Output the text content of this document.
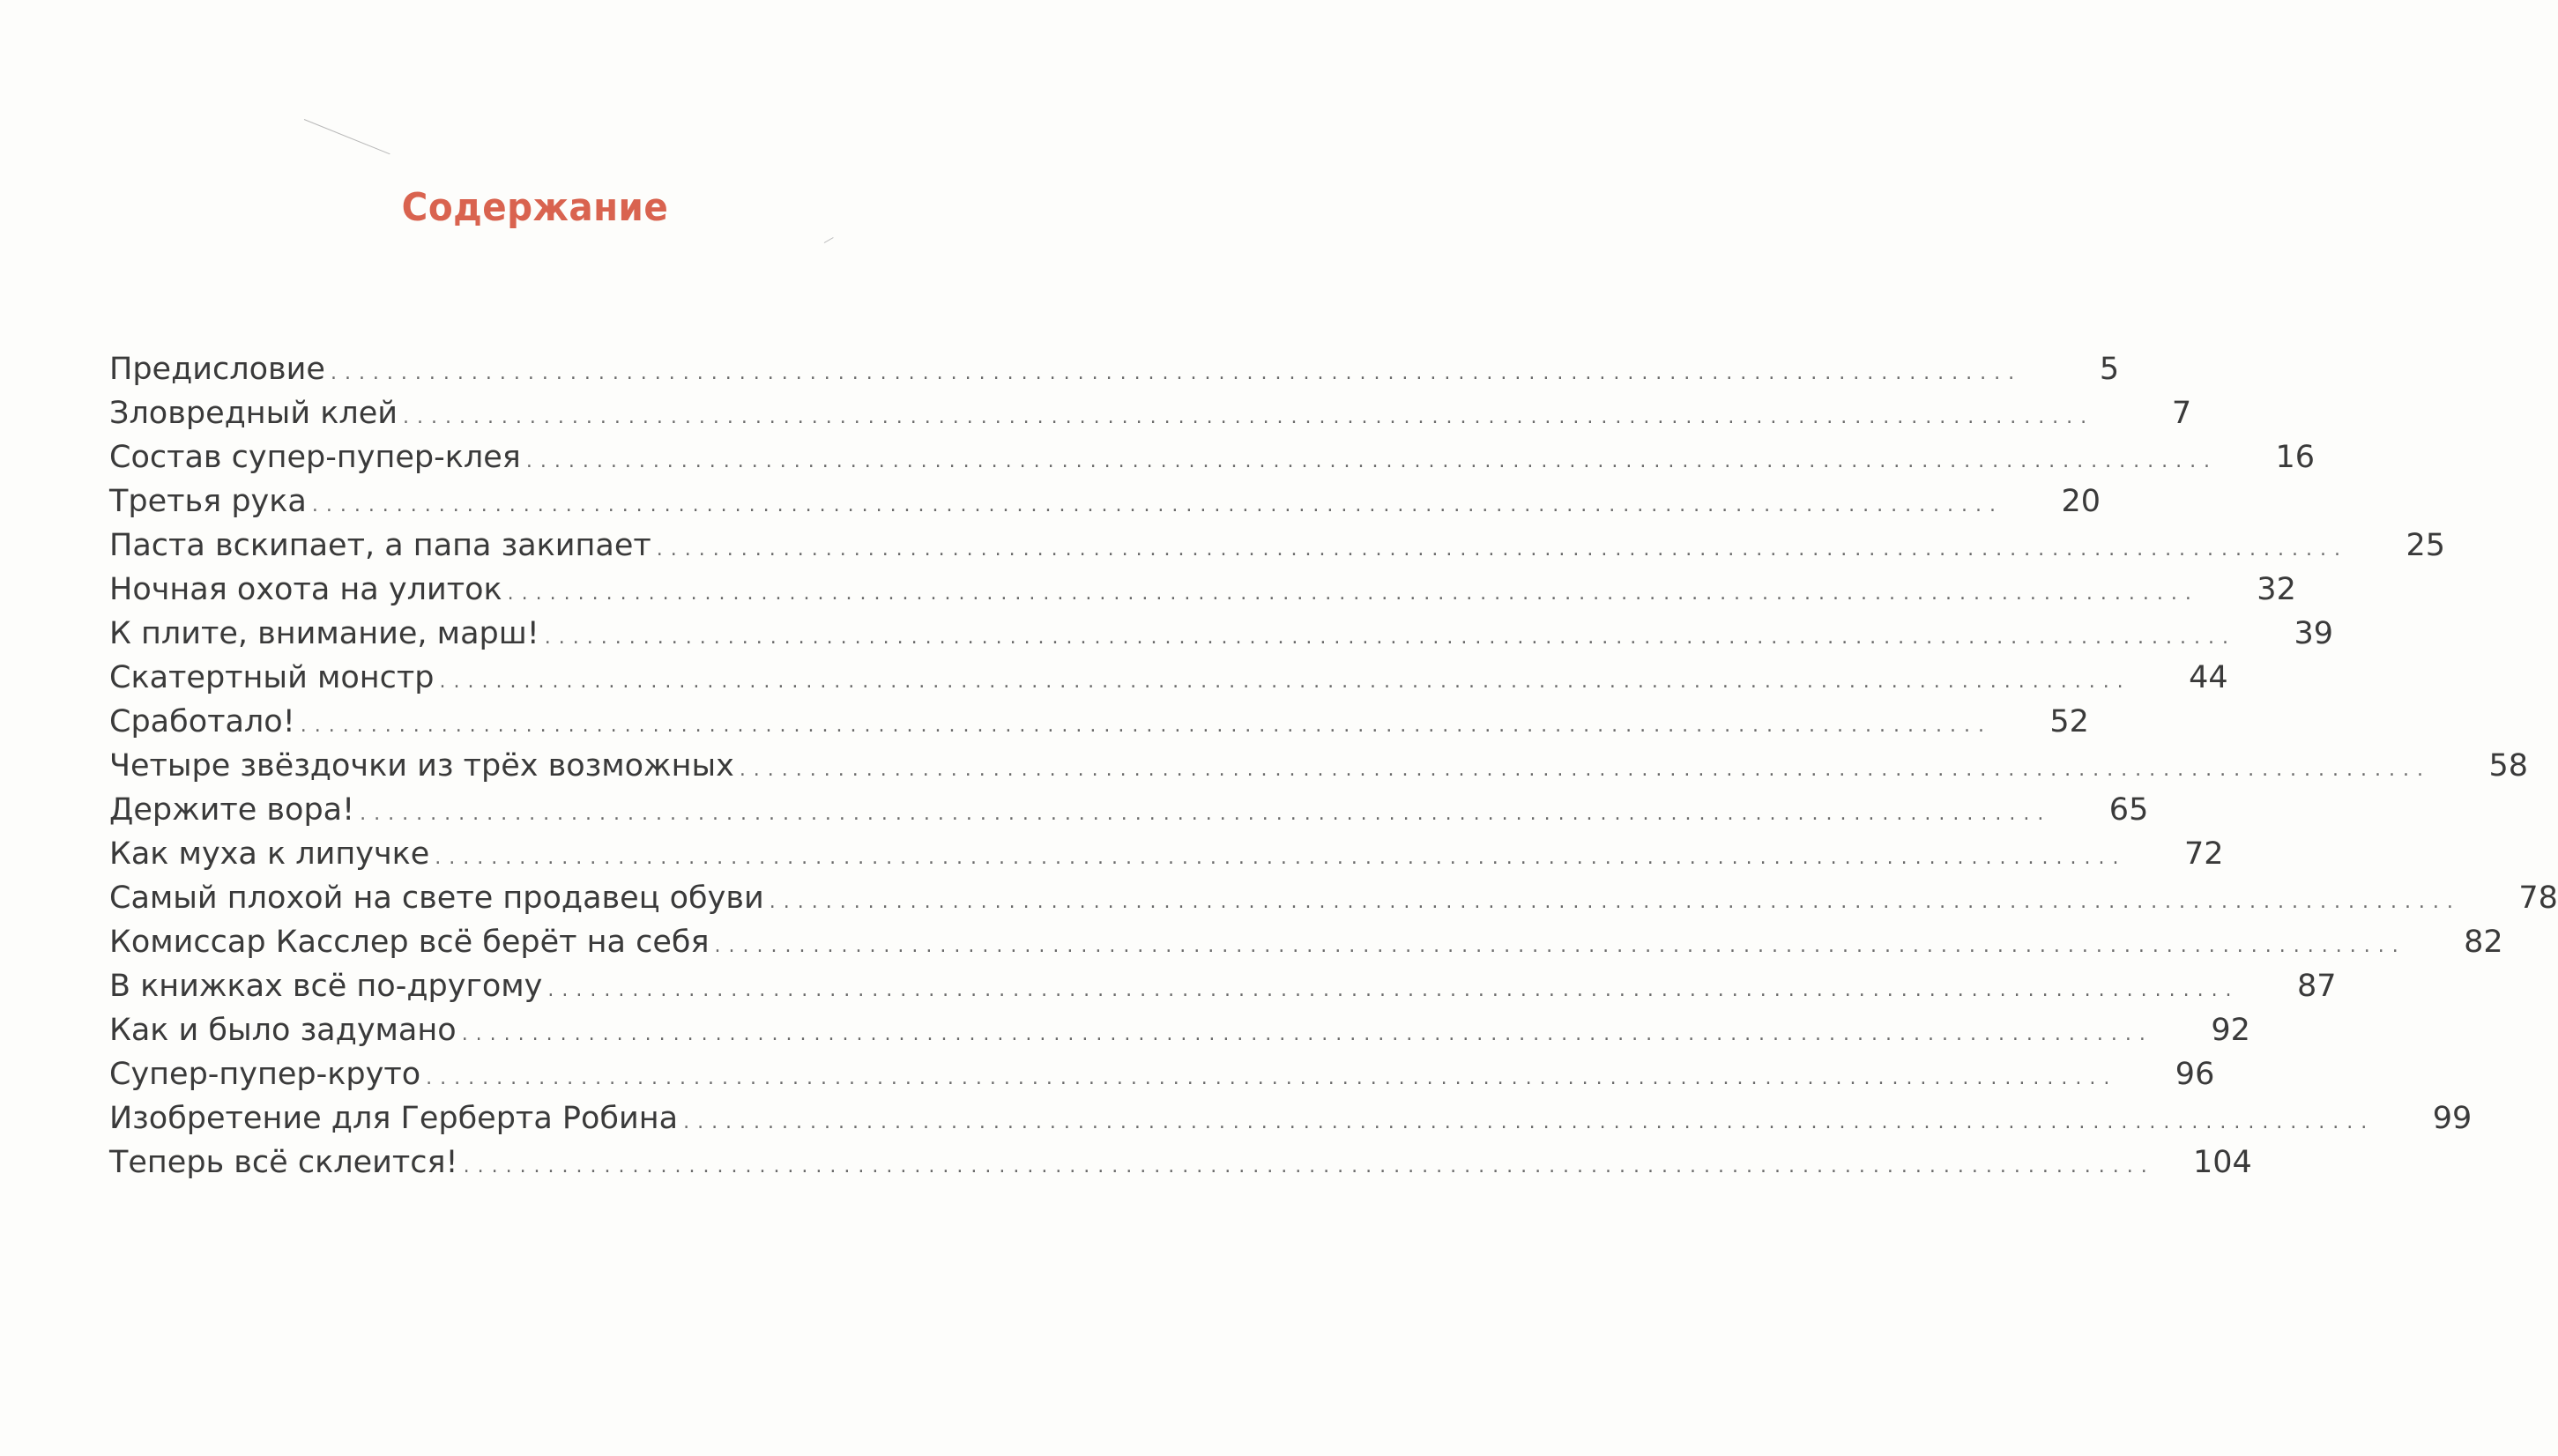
Содержание
Предисловие ........................................................................................................................	5
Зловредный клей ........................................................................................................................	7
Состав супер-пупер-клея ........................................................................................................................	16
Третья рука ........................................................................................................................	20
Паста вскипает, а папа закипает ........................................................................................................................	25
Ночная охота на улиток ........................................................................................................................	32
К плите, внимание, марш! ........................................................................................................................	39
Скатертный монстр ........................................................................................................................	44
Сработало! ........................................................................................................................	52
Четыре звёздочки из трёх возможных ........................................................................................................................	58
Держите вора! ........................................................................................................................	65
Как муха к липучке ........................................................................................................................	72
Самый плохой на свете продавец обуви ........................................................................................................................	78
Комиссар Касслер всё берёт на себя ........................................................................................................................	82
В книжках всё по-другому ........................................................................................................................	87
Как и было задумано ........................................................................................................................	92
Супер-пупер-круто ........................................................................................................................	96
Изобретение для Герберта Робина ........................................................................................................................	99
Теперь всё склеится! ........................................................................................................................ 104
